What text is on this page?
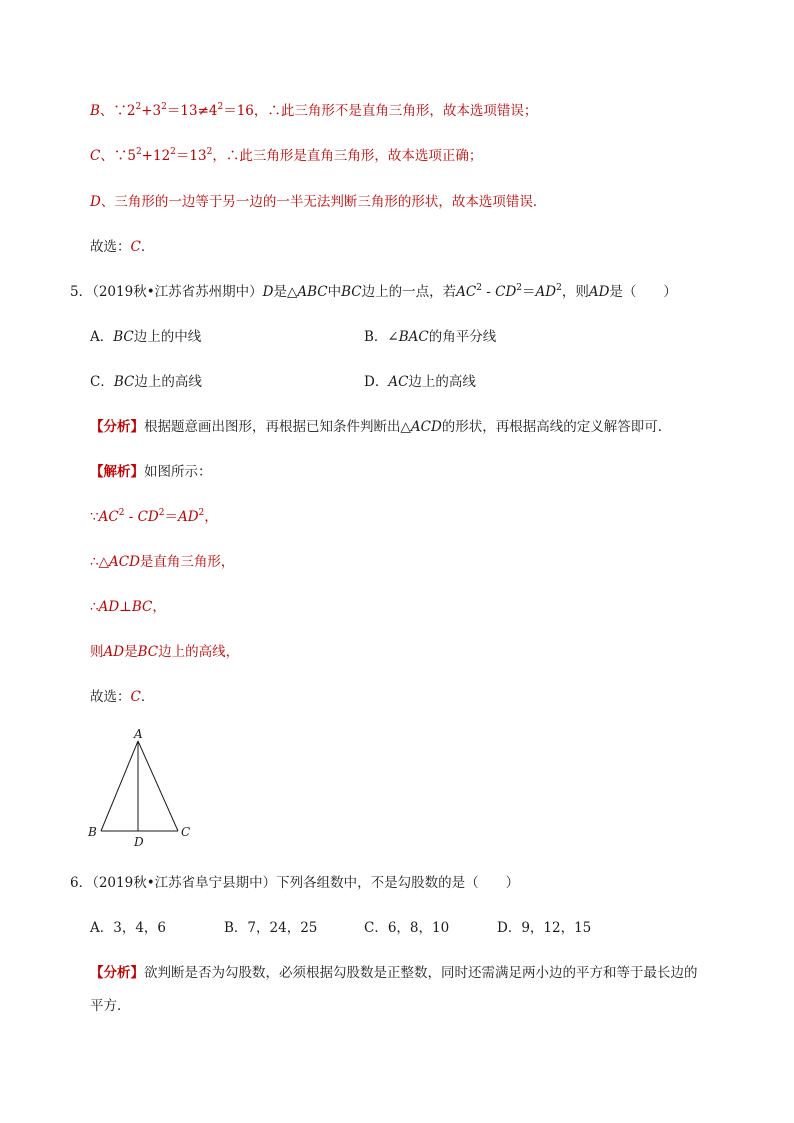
B、$\because 2^2+3^2=13\ne 4^2=16$，∴此三角形不是直角三角形，故本选项错误；
C、$\because 5^2+12^2=13^2$，∴此三角形是直角三角形，故本选项正确；
D、三角形的一边等于另一边的一半无法判断三角形的形状，故本选项错误．
故选：C．
5．（2019秋•江苏省苏州期中）D是△ABC中BC边上的一点，若$AC^2 - CD^2=AD^2$，则AD是（　　）
A．BC边上的中线	B．∠BAC的角平分线
C．BC边上的高线	D．AC边上的高线
【分析】根据题意画出图形，再根据已知条件判断出△ACD的形状，再根据高线的定义解答即可．
【解析】如图所示：
$\because AC^2 - CD^2=AD^2$，
∴△ACD是直角三角形，
∴AD⊥BC，
则AD是BC边上的高线，
故选：C．
A
B	C
D
6．（2019秋•江苏省阜宁县期中）下列各组数中，不是勾股数的是（　　）
A．3，4，6	B．7，24，25	C．6，8，10	D．9，12，15
【分析】欲判断是否为勾股数，必须根据勾股数是正整数，同时还需满足两小边的平方和等于最长边的
平方．
